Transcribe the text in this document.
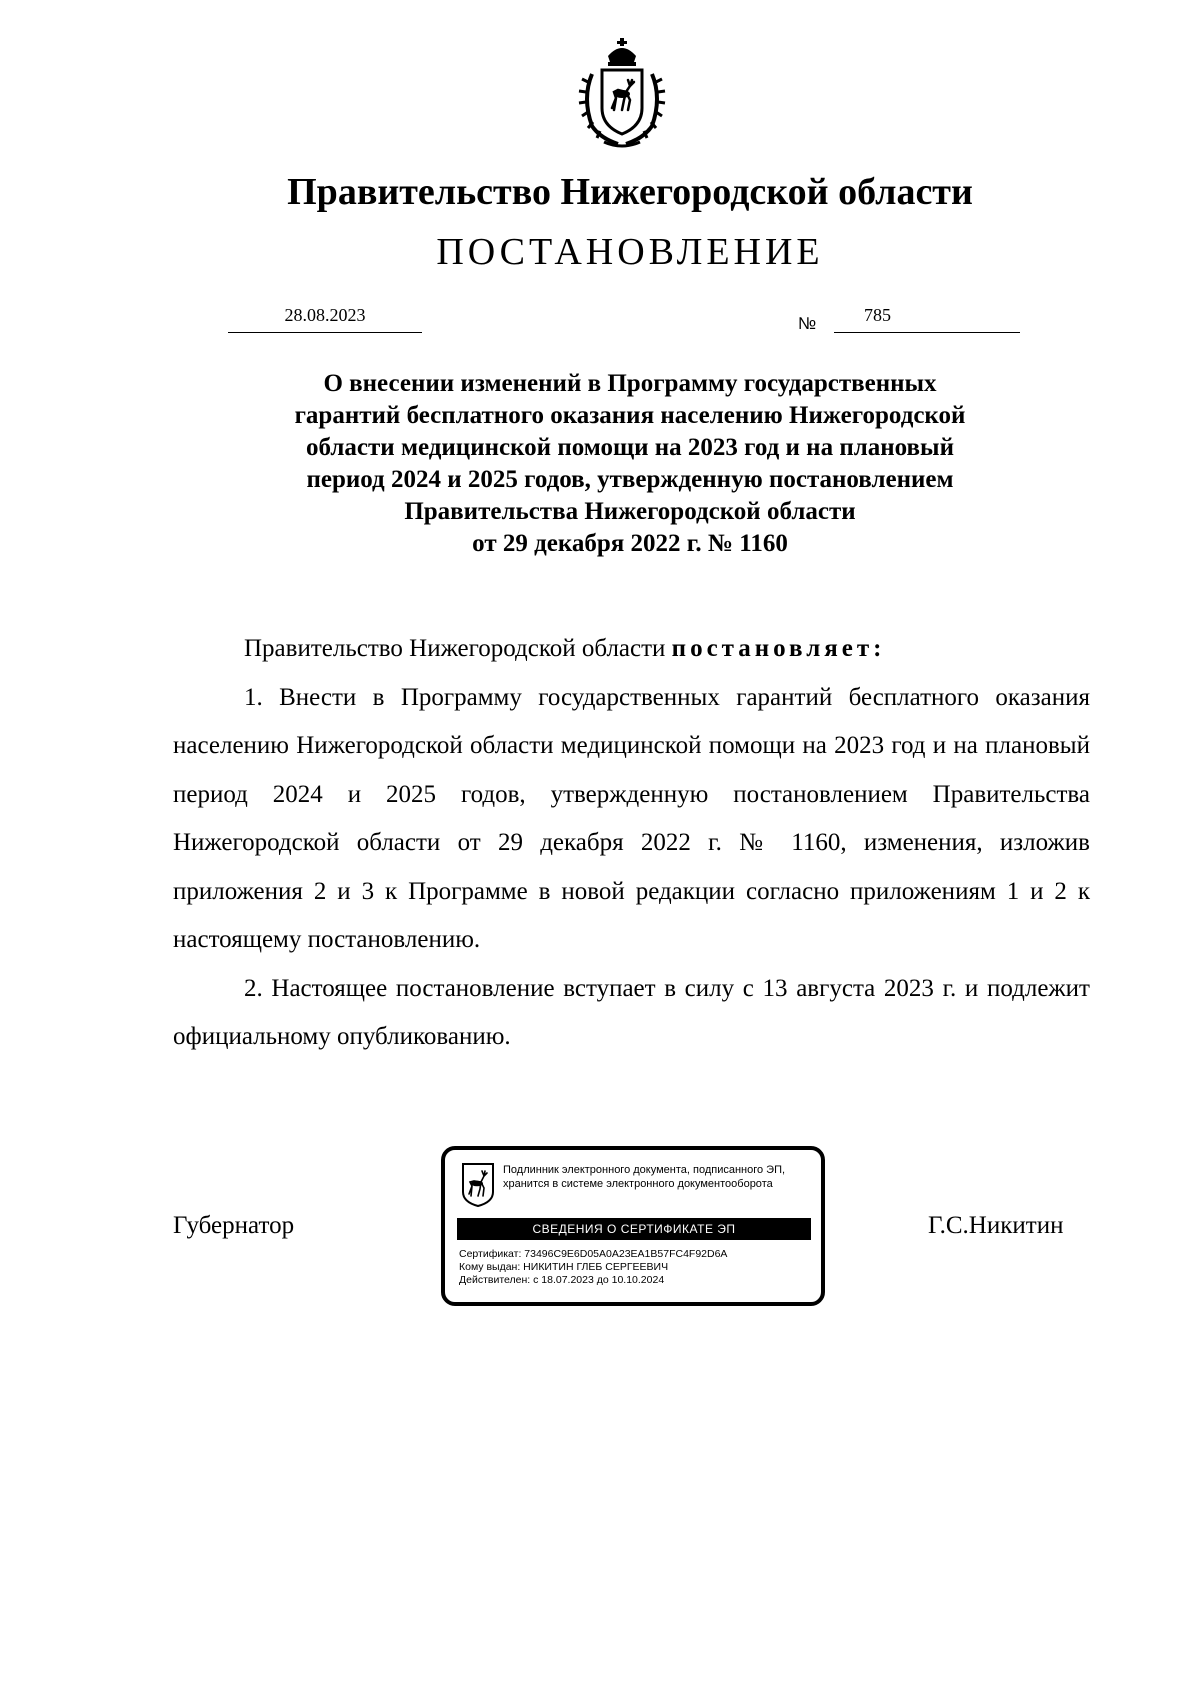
Правительство Нижегородской области
ПОСТАНОВЛЕНИЕ
28.08.2023	№	785
О внесении изменений в Программу государственных
гарантий бесплатного оказания населению Нижегородской
области медицинской помощи на 2023 год и на плановый
период 2024 и 2025 годов, утвержденную постановлением
Правительства Нижегородской области
от 29 декабря 2022 г. № 1160
Правительство Нижегородской области постановляет:

1. Внести в Программу государственных гарантий бесплатного оказания населению Нижегородской области медицинской помощи на 2023 год и на плановый период 2024 и 2025 годов, утвержденную постановлением Правительства Нижегородской области от 29 декабря 2022 г. № 1160, изменения, изложив приложения 2 и 3 к Программе в новой редакции согласно приложениям 1 и 2 к настоящему постановлению.

2. Настоящее постановление вступает в силу с 13 августа 2023 г. и подлежит официальному опубликованию.

Губернатор	Г.С.Никитин
Подлинник электронного документа, подписанного ЭП,
хранится в системе электронного документооборота
СВЕДЕНИЯ О СЕРТИФИКАТЕ ЭП
Сертификат: 73496C9E6D05A0A23EA1B57FC4F92D6A
Кому выдан: НИКИТИН ГЛЕБ СЕРГЕЕВИЧ
Действителен: с 18.07.2023 до 10.10.2024
